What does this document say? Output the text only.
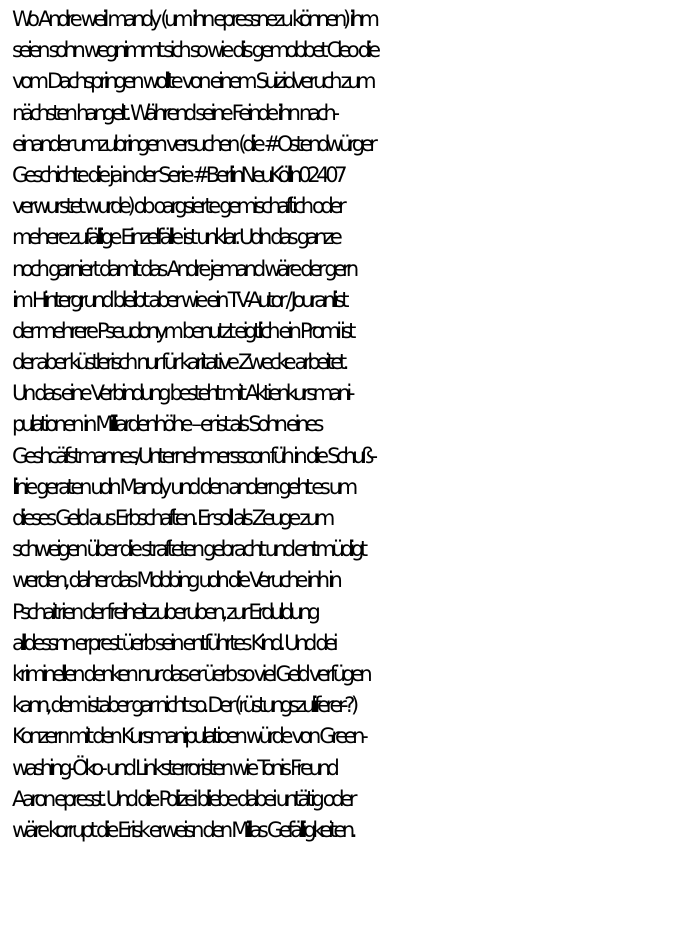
Wo Andre weil mandy (um ihn epressnezu können) ihm
seien sohn wegnimmt sich so wie dis gemobbet Cleo die
vom Dachspringen wollte von einem Suizidveruch zum
nächsten hangelt. Während seine Feinde ihn nach-
einander umzubringen versuchen (die #Ostendwürger
Geschichte die ja in der Serie #BerlinNeuKölln02407
verwurstet wurde) ob oargsierte gemischaftich oder
mehere zufällige Einzelfälle ist unklar. Udn das ganze
noch garniert damit das Andre jemand wäre der gern
im Hintergrund bleibt aber wie ein TV-Autor / Jouranlist
der mehrere Pseudonym benutzt eigtlich ein Promi ist
der aber küstlerisch nur für karitative Zwecke arbeitet.
Un das eine Verbindung besteht mit Aktienkursmani-
pulationen in Milliardenhöhe – er ist als Sohn eines
Geshcäfstmannes/Unternehmersscon füh in die Schuß-
linie geraten udn Mandy und den andern geht es um
dieses Geld aus Erbschaften. Er soll als Zeuge zum
schweigen über die strafteten gebracht und entmüdigt
werden, daher das Mobbing udn die Veruche inh in
Pschaitrien der freiheit zuberuben, zur Erduldung
alldessnn erprest üerb sein entführtes Kind. Und dei
kriminellen denken nur das er üerb so viel Geld verfügen
kann, dem istaber gar nicht so. Der (rüstungszuliferer-?)
Konzern mit den Kursmanipulatioen würde von Green-
washing-Öko- und Linksterroristen wie Tonis Freund
Aaron epresst. Und die Polizei bliebe dabei untätig oder
wäre korrupt die Erisk erweisn den Millas Gefälligkeiten.
